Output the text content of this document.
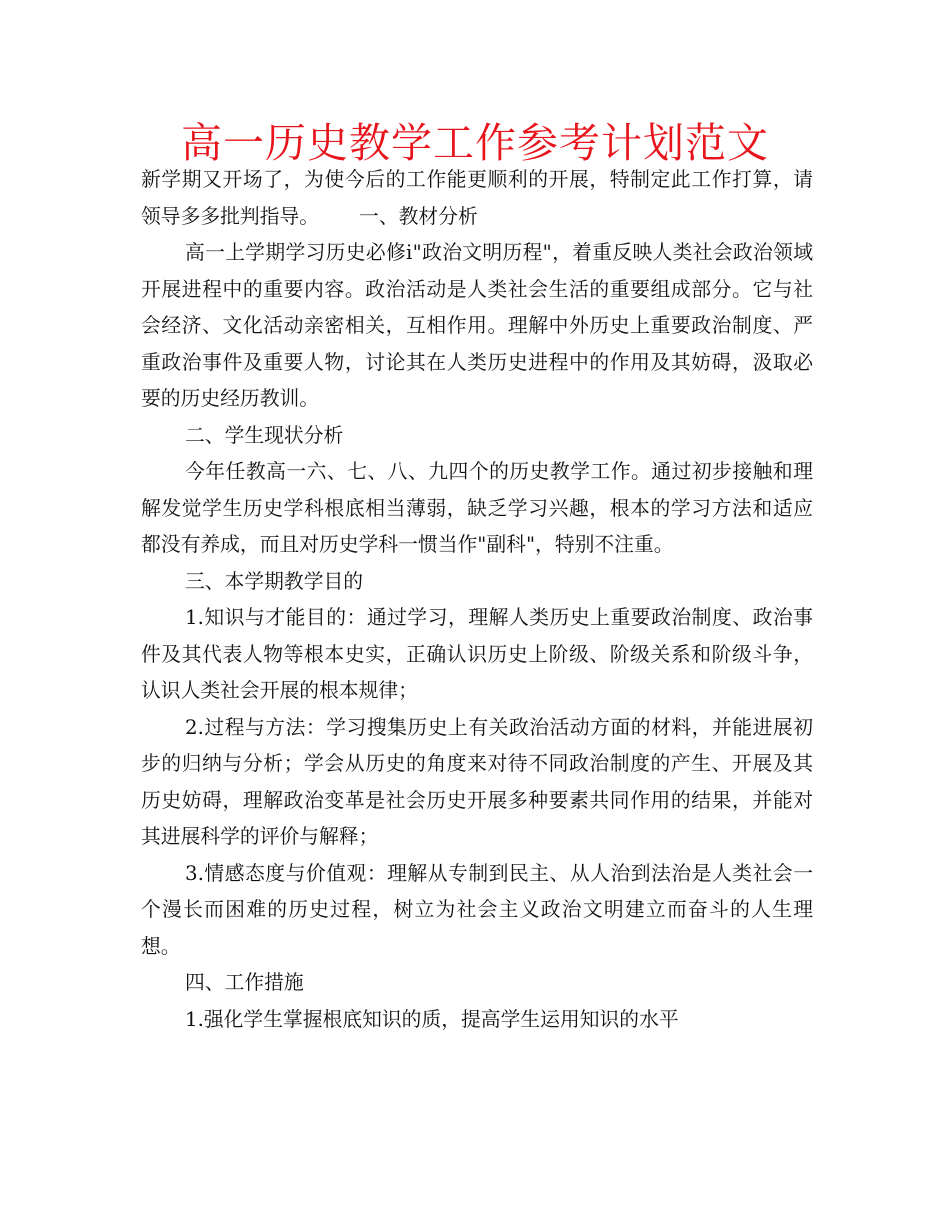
高一历史教学工作参考计划范文

新学期又开场了，为使今后的工作能更顺利的开展，特制定此工作打算，请领导多多批判指导。 一、教材分析

高一上学期学习历史必修ⅰ"政治文明历程"，着重反映人类社会政治领域开展进程中的重要内容。政治活动是人类社会生活的重要组成部分。它与社会经济、文化活动亲密相关，互相作用。理解中外历史上重要政治制度、严重政治事件及重要人物，讨论其在人类历史进程中的作用及其妨碍，汲取必要的历史经历教训。

二、学生现状分析

今年任教高一六、七、八、九四个的历史教学工作。通过初步接触和理解发觉学生历史学科根底相当薄弱，缺乏学习兴趣，根本的学习方法和适应都没有养成，而且对历史学科一惯当作"副科"，特别不注重。

三、本学期教学目的

1.知识与才能目的：通过学习，理解人类历史上重要政治制度、政治事件及其代表人物等根本史实，正确认识历史上阶级、阶级关系和阶级斗争，认识人类社会开展的根本规律；

2.过程与方法：学习搜集历史上有关政治活动方面的材料，并能进展初步的归纳与分析；学会从历史的角度来对待不同政治制度的产生、开展及其历史妨碍，理解政治变革是社会历史开展多种要素共同作用的结果，并能对其进展科学的评价与解释；

3.情感态度与价值观：理解从专制到民主、从人治到法治是人类社会一个漫长而困难的历史过程，树立为社会主义政治文明建立而奋斗的人生理想。

四、工作措施

1.强化学生掌握根底知识的质，提高学生运用知识的水平
